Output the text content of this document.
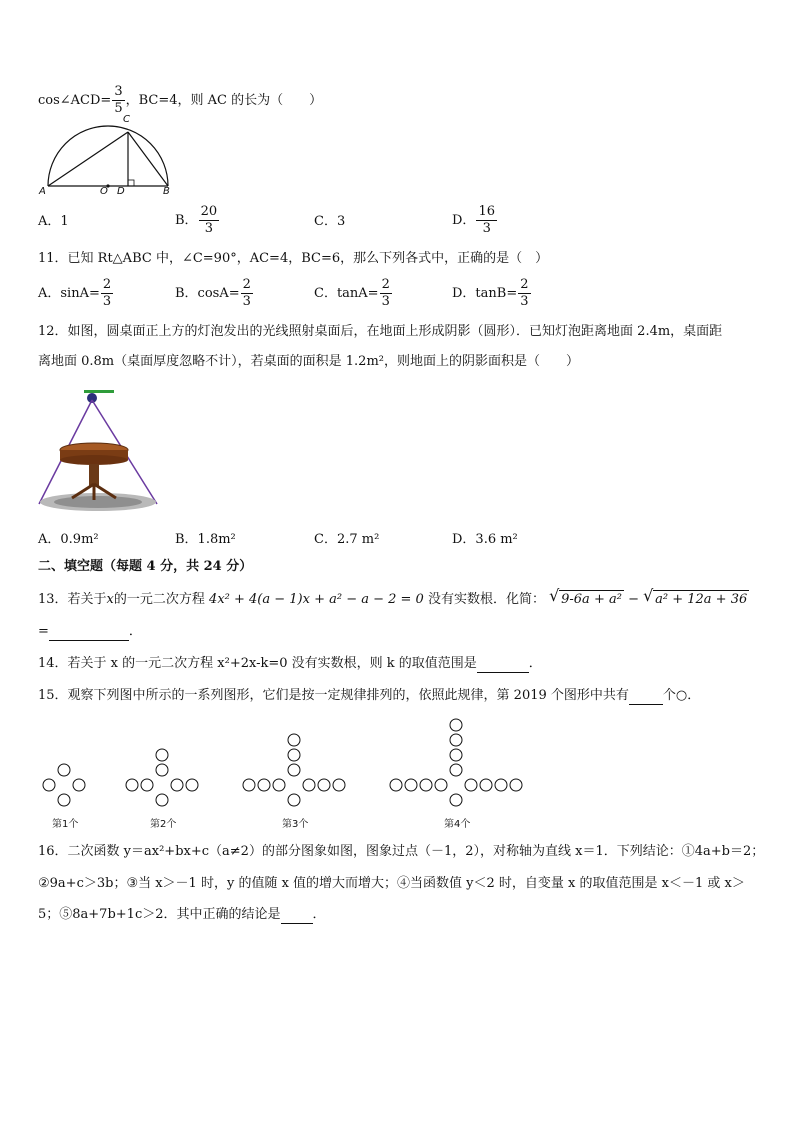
cos∠ACD= $\frac{3}{5}$ ，BC=4，则 AC 的长为（　　）
C
A	O D	B
A．1	B． $\frac{20}{3}$	C．3	D． $\frac{16}{3}$
11．已知 Rt△ABC 中，∠C=90°，AC=4，BC=6，那么下列各式中，正确的是（　）
A．$\sin A= \frac{2}{3}$	B．$\cos A= \frac{2}{3}$	C．$\tan A= \frac{2}{3}$	D．$\tan B= \frac{2}{3}$
12．如图，圆桌面正上方的灯泡发出的光线照射桌面后，在地面上形成阴影（圆形）．已知灯泡距离地面 2.4m，桌面距
离地面 0.8m（桌面厚度忽略不计），若桌面的面积是 1.2m²，则地面上的阴影面积是（　　）
A．0.9m²	B．1.8m²	C．2.7 m²	D．3.6 m²
二、填空题（每题 4 分，共 24 分）
13．若关于x的一元二次方程 4x² + 4(a − 1)x + a² − a − 2 = 0 没有实数根．化简： √ 9-6a + a² − √ a² + 12a + 36
=	．
14．若关于 x 的一元二次方程 x²+2x-k=0 没有实数根，则 k 的取值范围是	．
15．观察下列图中所示的一系列图形，它们是按一定规律排列的，依照此规律，第 2019 个图形中共有	个○．
第1个	第2个	第3个	第4个
16．二次函数 y＝ax²+bx+c（a≠2）的部分图象如图，图象过点（－1，2），对称轴为直线 x＝1．下列结论：①4a+b＝2；
②9a+c＞3b；③当 x＞－1 时，y 的值随 x 值的增大而增大；④当函数值 y＜2 时，自变量 x 的取值范围是 x＜－1 或 x＞
5；⑤8a+7b+1c＞2．其中正确的结论是 ．
